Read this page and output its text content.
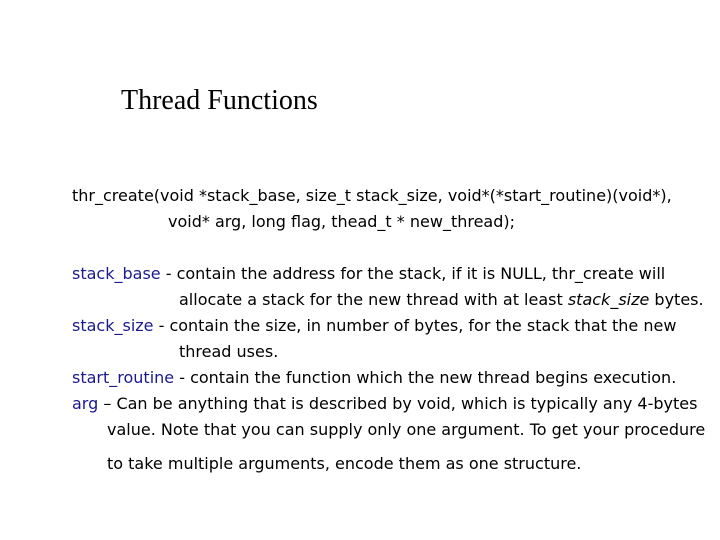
Thread Functions
thr_create(void *stack_base, size_t stack_size, void*(*start_routine)(void*),
void* arg, long flag, thead_t * new_thread);
stack_base - contain the address for the stack, if it is NULL, thr_create will
allocate a stack for the new thread with at least stack_size bytes.
stack_size - contain the size, in number of bytes, for the stack that the new
thread uses.
start_routine - contain the function which the new thread begins execution.
arg – Can be anything that is described by void, which is typically any 4-bytes
value. Note that you can supply only one argument. To get your procedure
to take multiple arguments, encode them as one structure.
